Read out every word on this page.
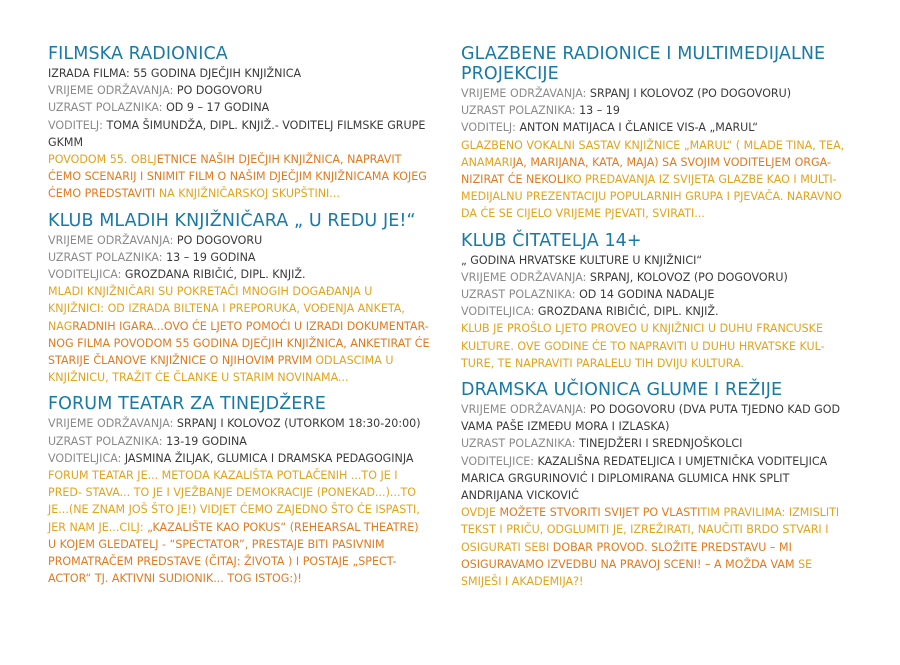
FILMSKA RADIONICA
IZRADA FILMA: 55 GODINA DJEČJIH KNJIŽNICA
VRIJEME ODRŽAVANJA: PO DOGOVORU
UZRAST POLAZNIKA: OD 9 – 17 GODINA
VODITELJ: TOMA ŠIMUNDŽA, DIPL. KNJIŽ.- VODITELJ FILMSKE GRUPE GKMM
POVODOM 55. OBLJETNICE NAŠIH DJEČJIH KNJIŽNICA, NAPRAVIT ĆEMO SCENARIJ I SNIMIT FILM O NAŠIM DJEČJIM KNJIŽNICAMA KOJEG ĆEMO PREDSTAVITI NA KNJIŽNIČARSKOJ SKUPŠTINI...
KLUB MLADIH KNJIŽNIČARA „ U REDU JE!“
VRIJEME ODRŽAVANJA: PO DOGOVORU
UZRAST POLAZNIKA: 13 – 19 GODINA
VODITELJICA: GROZDANA RIBIČIĆ, DIPL. KNJIŽ.
MLADI KNJIŽNIČARI SU POKRETAČI MNOGIH DOGAĐANJA U KNJIŽNICI: OD IZRADA BILTENA I PREPORUKA, VOĐENJA ANKETA, NAGRADNIH IGARA...OVO ĆE LJETO POMOĆI U IZRADI DOKUMENTAR- NOG FILMA POVODOM 55 GODINA DJEČJIH KNJIŽNICA, ANKETIRAT ĆE STARIJE ČLANOVE KNJIŽNICE O NJIHOVIM PRVIM ODLASCIMA U KNJIŽNICU, TRAŽIT ĆE ČLANKE U STARIM NOVINAMA...
FORUM TEATAR ZA TINEJDŽERE
VRIJEME ODRŽAVANJA: SRPANJ I KOLOVOZ (UTORKOM 18:30-20:00)
UZRAST POLAZNIKA: 13-19 GODINA
VODITELJICA: JASMINA ŽILJAK, GLUMICA I DRAMSKA PEDAGOGINJA
FORUM TEATAR JE... METODA KAZALIŠTA POTLAČENIH ...TO JE I PRED- STAVA... TO JE I VJEŽBANJE DEMOKRACIJE (PONEKAD...)...TO JE...(NE ZNAM JOŠ ŠTO JE!) VIDJET ĆEMO ZAJEDNO ŠTO ĆE ISPASTI, JER NAM JE...CILJ: „KAZALIŠTE KAO POKUS“ (REHEARSAL THEATRE) U KOJEM GLEDATELJ - “SPECTATOR”, PRESTAJE BITI PASIVNIM PROMATRAČEM PREDSTAVE (ČITAJ: ŽIVOTA ) I POSTAJE „SPECT-ACTOR“ TJ. AKTIVNI SUDIONIK... TOG ISTOG:)!
GLAZBENE RADIONICE I MULTIMEDIJALNE PROJEKCIJE
VRIJEME ODRŽAVANJA: SRPANJ I KOLOVOZ (PO DOGOVORU)
UZRAST POLAZNIKA: 13 – 19
VODITELJ: ANTON MATIJACA I ČLANICE VIS-A „MARUL“
GLAZBENO VOKALNI SASTAV KNJIŽNICE „MARUL“ ( MLADE TINA, TEA, ANAMARIJA, MARIJANA, KATA, MAJA) SA SVOJIM VODITELJEM ORGA- NIZIRAT ĆE NEKOLIKO PREDAVANJA IZ SVIJETA GLAZBE KAO I MULTI- MEDIJALNU PREZENTACIJU POPULARNIH GRUPA I PJEVAČA. NARAVNO DA ĆE SE CIJELO VRIJEME PJEVATI, SVIRATI...
KLUB ČITATELJA 14+
„ GODINA HRVATSKE KULTURE U KNJIŽNICI“
VRIJEME ODRŽAVANJA: SRPANJ, KOLOVOZ (PO DOGOVORU)
UZRAST POLAZNIKA: OD 14 GODINA NADALJE
VODITELJICA: GROZDANA RIBIČIĆ, DIPL. KNJIŽ.
KLUB JE PROŠLO LJETO PROVEO U KNJIŽNICI U DUHU FRANCUSKE KULTURE. OVE GODINE ĆE TO NAPRAVITI U DUHU HRVATSKE KUL- TURE, TE NAPRAVITI PARALELU TIH DVIJU KULTURA.
DRAMSKA UČIONICA GLUME I REŽIJE
VRIJEME ODRŽAVANJA: PO DOGOVORU (DVA PUTA TJEDNO KAD GOD VAMA PAŠE IZMEĐU MORA I IZLASKA)
UZRAST POLAZNIKA: TINEJDŽERI I SREDNJOŠKOLCI
VODITELJICE: KAZALIŠNA REDATELJICA I UMJETNIČKA VODITELJICA MARICA GRGURINOVIĆ I DIPLOMIRANA GLUMICA HNK SPLIT ANDRIJANA VICKOVIĆ
OVDJE MOŽETE STVORITI SVIJET PO VLASTITIM PRAVILIMA: IZMISLITI TEKST I PRIČU, ODGLUMITI JE, IZREŽIRATI, NAUČITI BRDO STVARI I OSIGURATI SEBI DOBAR PROVOD. SLOŽITE PREDSTAVU – MI OSIGURAVAMO IZVEDBU NA PRAVOJ SCENI! – A MOŽDA VAM SE SMIJEŠI I AKADEMIJA?!
